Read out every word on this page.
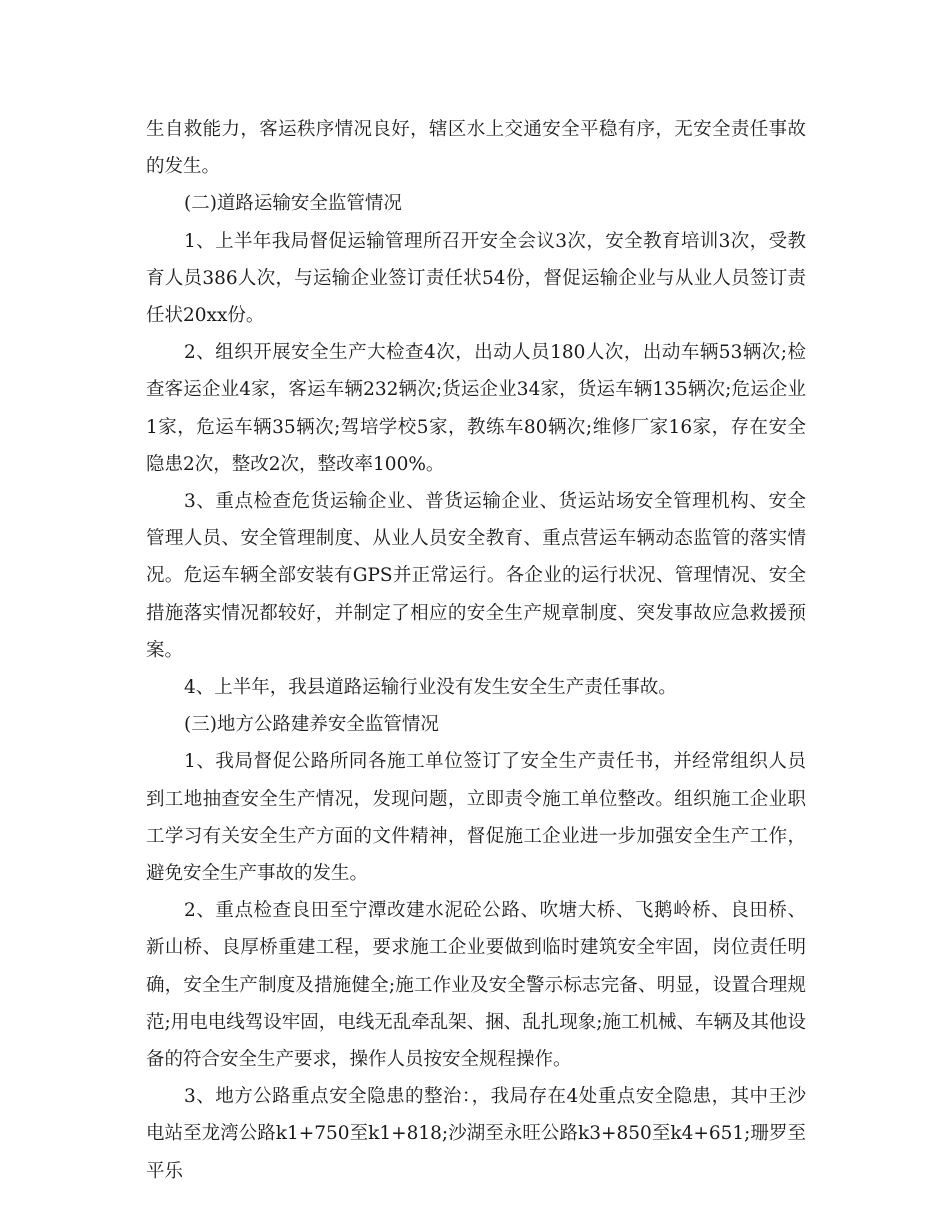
生自救能力，客运秩序情况良好，辖区水上交通安全平稳有序，无安全责任事故的发生。

(二)道路运输安全监管情况

1、上半年我局督促运输管理所召开安全会议3次，安全教育培训3次，受教育人员386人次，与运输企业签订责任状54份，督促运输企业与从业人员签订责任状20xx份。

2、组织开展安全生产大检查4次，出动人员180人次，出动车辆53辆次;检查客运企业4家，客运车辆232辆次;货运企业34家，货运车辆135辆次;危运企业1家，危运车辆35辆次;驾培学校5家，教练车80辆次;维修厂家16家，存在安全隐患2次，整改2次，整改率100%。

3、重点检查危货运输企业、普货运输企业、货运站场安全管理机构、安全管理人员、安全管理制度、从业人员安全教育、重点营运车辆动态监管的落实情况。危运车辆全部安装有GPS并正常运行。各企业的运行状况、管理情况、安全措施落实情况都较好，并制定了相应的安全生产规章制度、突发事故应急救援预案。

4、上半年，我县道路运输行业没有发生安全生产责任事故。

(三)地方公路建养安全监管情况

1、我局督促公路所同各施工单位签订了安全生产责任书，并经常组织人员到工地抽查安全生产情况，发现问题，立即责令施工单位整改。组织施工企业职工学习有关安全生产方面的文件精神，督促施工企业进一步加强安全生产工作，避免安全生产事故的发生。

2、重点检查良田至宁潭改建水泥砼公路、吹塘大桥、飞鹅岭桥、良田桥、新山桥、良厚桥重建工程，要求施工企业要做到临时建筑安全牢固，岗位责任明确，安全生产制度及措施健全;施工作业及安全警示标志完备、明显，设置合理规范;用电电线驾设牢固，电线无乱牵乱架、捆、乱扎现象;施工机械、车辆及其他设备的符合安全生产要求，操作人员按安全规程操作。

3、地方公路重点安全隐患的整治：，我局存在4处重点安全隐患，其中王沙电站至龙湾公路k1+750至k1+818;沙湖至永旺公路k3+850至k4+651;珊罗至平乐
